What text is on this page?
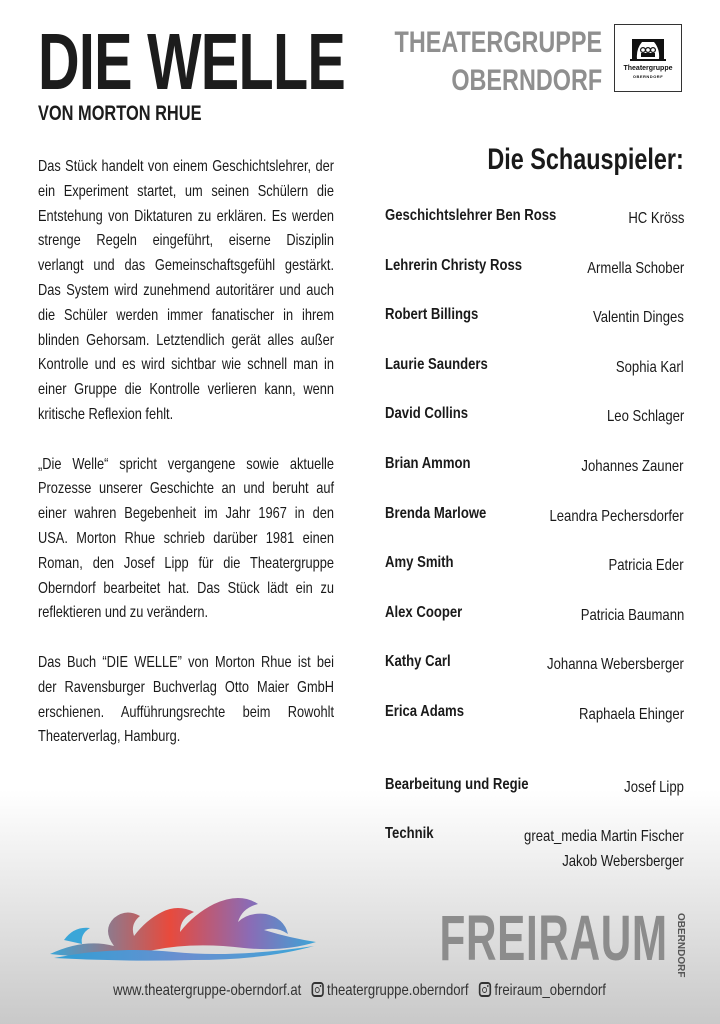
DIE WELLE
VON MORTON RHUE
THEATERGRUPPE
OBERNDORF	Theatergruppe
OBERNDORF

Das Stück handelt von einem Geschichtslehrer, der ein Experiment startet, um seinen Schülern die Entstehung von Diktaturen zu erklären. Es werden strenge Regeln eingeführt, eiserne Disziplin verlangt und das Gemeinschaftsgefühl gestärkt. Das System wird zunehmend autoritärer und auch die Schüler werden immer fanatischer in ihrem blinden Gehorsam. Letztendlich gerät alles außer Kontrolle und es wird sichtbar wie schnell man in einer Gruppe die Kontrolle verlieren kann, wenn kritische Reflexion fehlt.

„Die Welle“ spricht vergangene sowie aktuelle Prozesse unserer Geschichte an und beruht auf einer wahren Begebenheit im Jahr 1967 in den USA. Morton Rhue schrieb darüber 1981 einen Roman, den Josef Lipp für die Theatergruppe Oberndorf bearbeitet hat. Das Stück lädt ein zu reflektieren und zu verändern.

Das Buch “DIE WELLE” von Morton Rhue ist bei der Ravensburger Buchverlag Otto Maier GmbH erschienen. Aufführungsrechte beim Rowohlt Theaterverlag, Hamburg.

Die Schauspieler:
Geschichtslehrer Ben Ross	HC Kröss
Lehrerin Christy Ross	Armella Schober
Robert Billings	Valentin Dinges
Laurie Saunders	Sophia Karl
David Collins	Leo Schlager
Brian Ammon	Johannes Zauner
Brenda Marlowe	Leandra Pechersdorfer
Amy Smith	Patricia Eder
Alex Cooper	Patricia Baumann
Kathy Carl	Johanna Webersberger
Erica Adams	Raphaela Ehinger
Bearbeitung und Regie	Josef Lipp
Technik	great_media Martin Fischer
Jakob Webersberger
FREIRAUM OBERNDORF
www.theatergruppe-oberndorf.at theatergruppe.oberndorf freiraum_oberndorf
